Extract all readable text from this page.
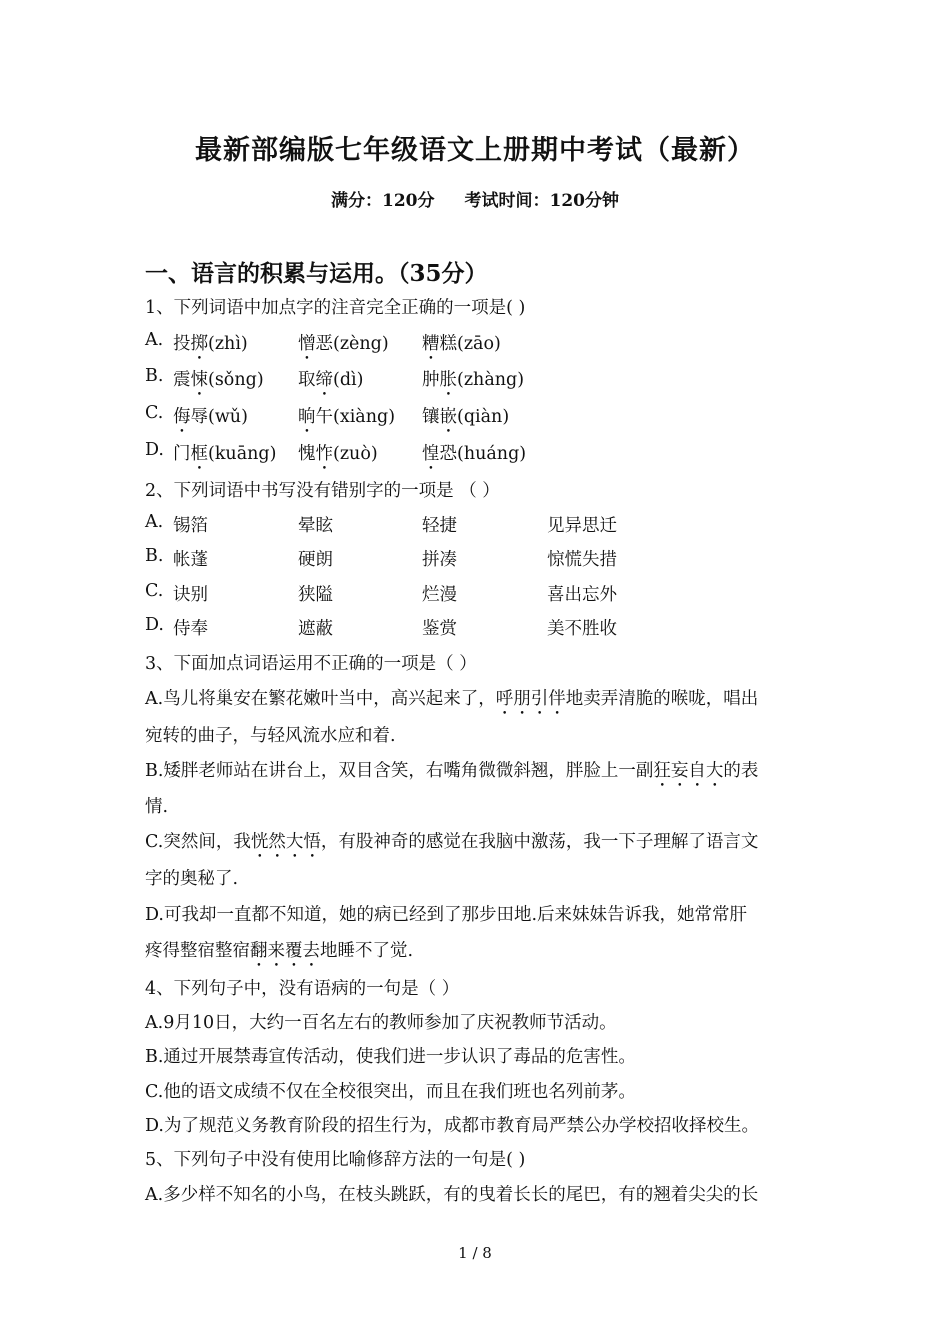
最新部编版七年级语文上册期中考试（最新）
满分：120分 考试时间：120分钟
一、语言的积累与运用。（35分）
1、下列词语中加点字的注音完全正确的一项是( )
A. 投掷(zhì)	憎恶(zèng) 糟糕(zāo)
B. 震悚(sǒng) 取缔(dì)	肿胀(zhàng)
C. 侮辱(wǔ)	晌午(xiàng) 镶嵌(qiàn)
D. 门框(kuāng) 愧怍(zuò)	惶恐(huáng)
2、下列词语中书写没有错别字的一项是 （ ）
A. 锡箔	晕眩	轻捷	见异思迁
B. 帐蓬	硬朗	拼凑	惊慌失措
C. 诀别	狭隘	烂漫	喜出忘外
D. 侍奉	遮蔽	鉴赏	美不胜收
3、下面加点词语运用不正确的一项是（ ）
A.鸟儿将巢安在繁花嫩叶当中，高兴起来了，呼朋引伴地卖弄清脆的喉咙，唱出
宛转的曲子，与轻风流水应和着.
B.矮胖老师站在讲台上，双目含笑，右嘴角微微斜翘，胖脸上一副狂妄自大的表
情.
C.突然间，我恍然大悟，有股神奇的感觉在我脑中激荡，我一下子理解了语言文
字的奥秘了.
D.可我却一直都不知道，她的病已经到了那步田地.后来妹妹告诉我，她常常肝
疼得整宿整宿翻来覆去地睡不了觉.
4、下列句子中，没有语病的一句是（ ）
A.9月10日，大约一百名左右的教师参加了庆祝教师节活动。
B.通过开展禁毒宣传活动，使我们进一步认识了毒品的危害性。
C.他的语文成绩不仅在全校很突出，而且在我们班也名列前茅。
D.为了规范义务教育阶段的招生行为，成都市教育局严禁公办学校招收择校生。
5、下列句子中没有使用比喻修辞方法的一句是( )
A.多少样不知名的小鸟，在枝头跳跃，有的曳着长长的尾巴，有的翘着尖尖的长
1 / 8
